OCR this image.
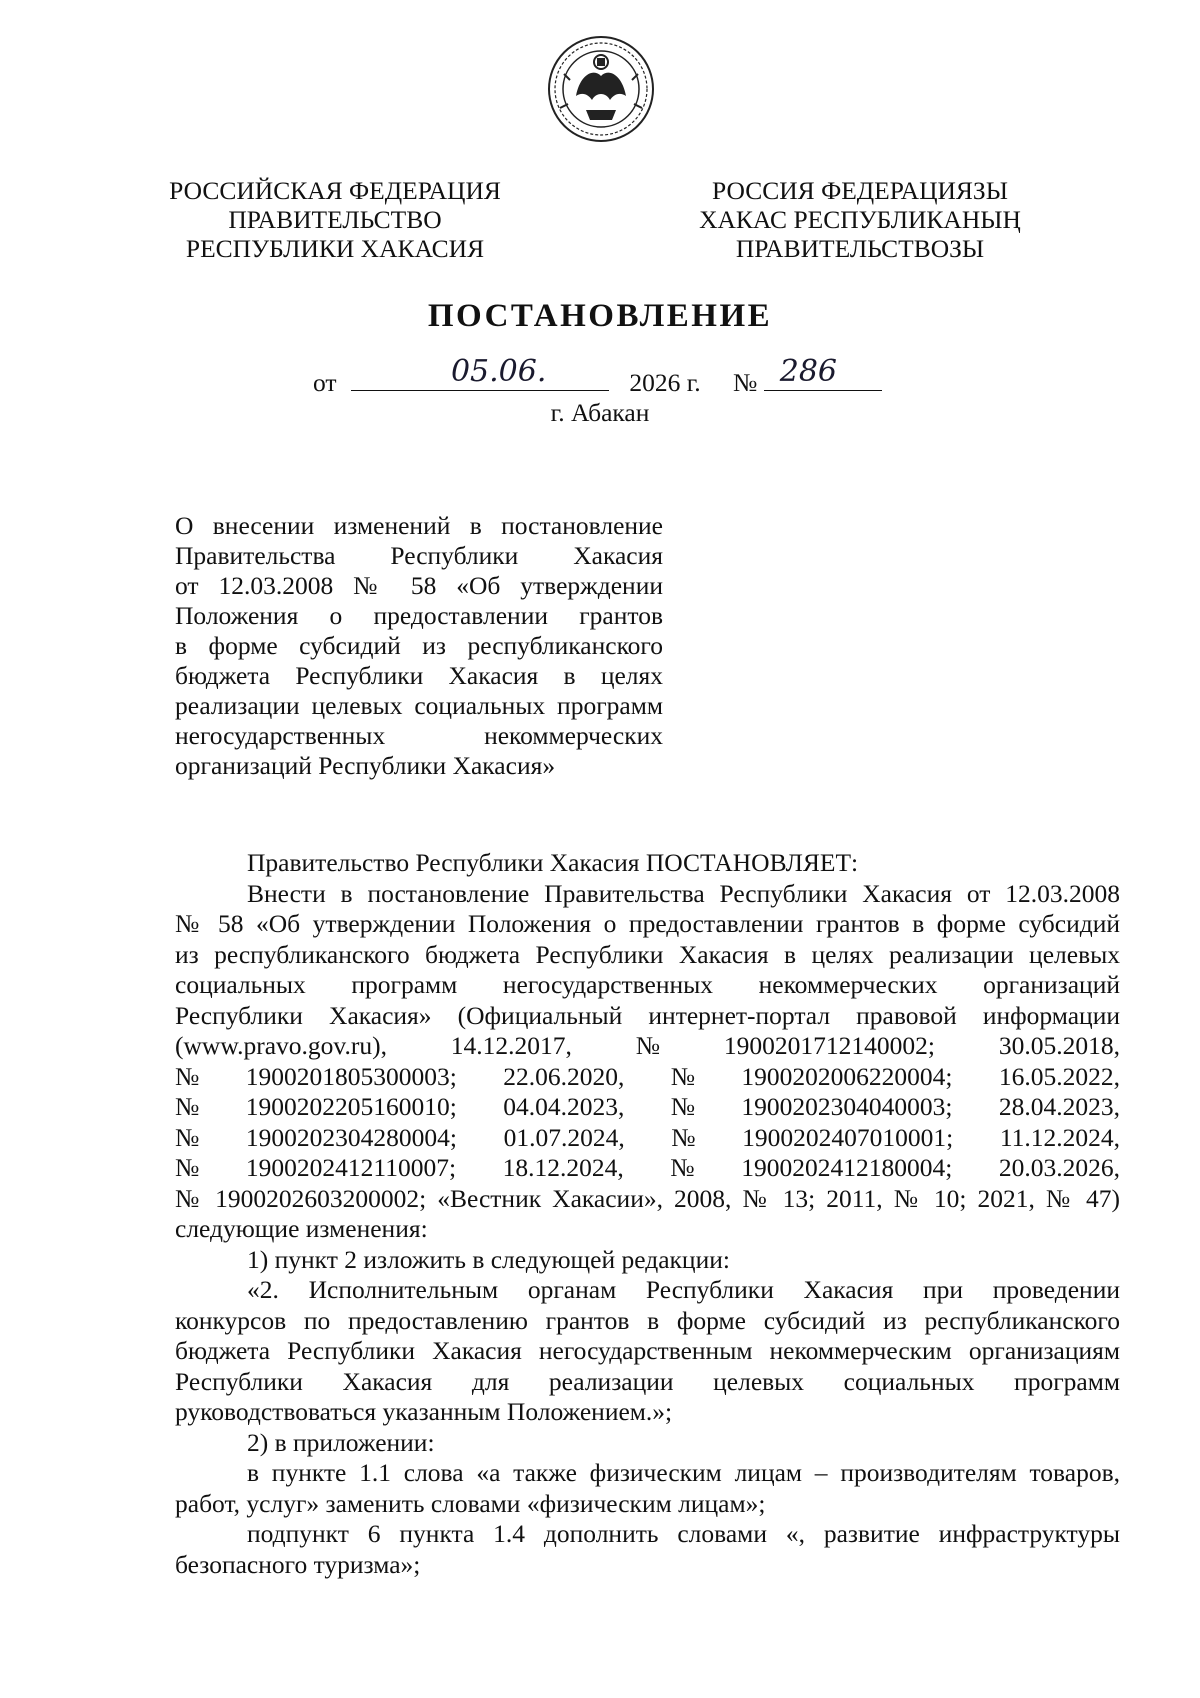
РОССИЙСКАЯ ФЕДЕРАЦИЯ
ПРАВИТЕЛЬСТВО
РЕСПУБЛИКИ ХАКАСИЯ
РОССИЯ ФЕДЕРАЦИЯЗЫ
ХАКАС РЕСПУБЛИКАНЫҢ
ПРАВИТЕЛЬСТВОЗЫ
ПОСТАНОВЛЕНИЕ
от	05.06.	2026 г. № 286
г. Абакан
О внесении изменений в постановление
Правительства Республики Хакасия
от 12.03.2008 № 58 «Об утверждении
Положения о предоставлении грантов
в форме субсидий из республиканского
бюджета Республики Хакасия в целях
реализации целевых социальных программ
негосударственных некоммерческих
организаций Республики Хакасия»
Правительство Республики Хакасия ПОСТАНОВЛЯЕТ:
Внести в постановление Правительства Республики Хакасия от 12.03.2008
№ 58 «Об утверждении Положения о предоставлении грантов в форме субсидий
из республиканского бюджета Республики Хакасия в целях реализации целевых
социальных программ негосударственных некоммерческих организаций
Республики Хакасия» (Официальный интернет-портал правовой информации
(www.pravo.gov.ru),	14.12.2017,	№	1900201712140002;	30.05.2018,
№ 1900201805300003; 22.06.2020, № 1900202006220004; 16.05.2022,
№ 1900202205160010; 04.04.2023, № 1900202304040003; 28.04.2023,
№ 1900202304280004; 01.07.2024, № 1900202407010001; 11.12.2024,
№ 1900202412110007; 18.12.2024, № 1900202412180004; 20.03.2026,
№ 1900202603200002; «Вестник Хакасии», 2008, № 13; 2011, № 10; 2021, № 47)
следующие изменения:
1) пункт 2 изложить в следующей редакции:
«2. Исполнительным органам Республики Хакасия при проведении
конкурсов по предоставлению грантов в форме субсидий из республиканского
бюджета Республики Хакасия негосударственным некоммерческим организациям
Республики Хакасия для реализации целевых социальных программ
руководствоваться указанным Положением.»;
2) в приложении:
в пункте 1.1 слова «а также физическим лицам – производителям товаров,
работ, услуг» заменить словами «физическим лицам»;
подпункт 6 пункта 1.4 дополнить словами «, развитие инфраструктуры
безопасного туризма»;
